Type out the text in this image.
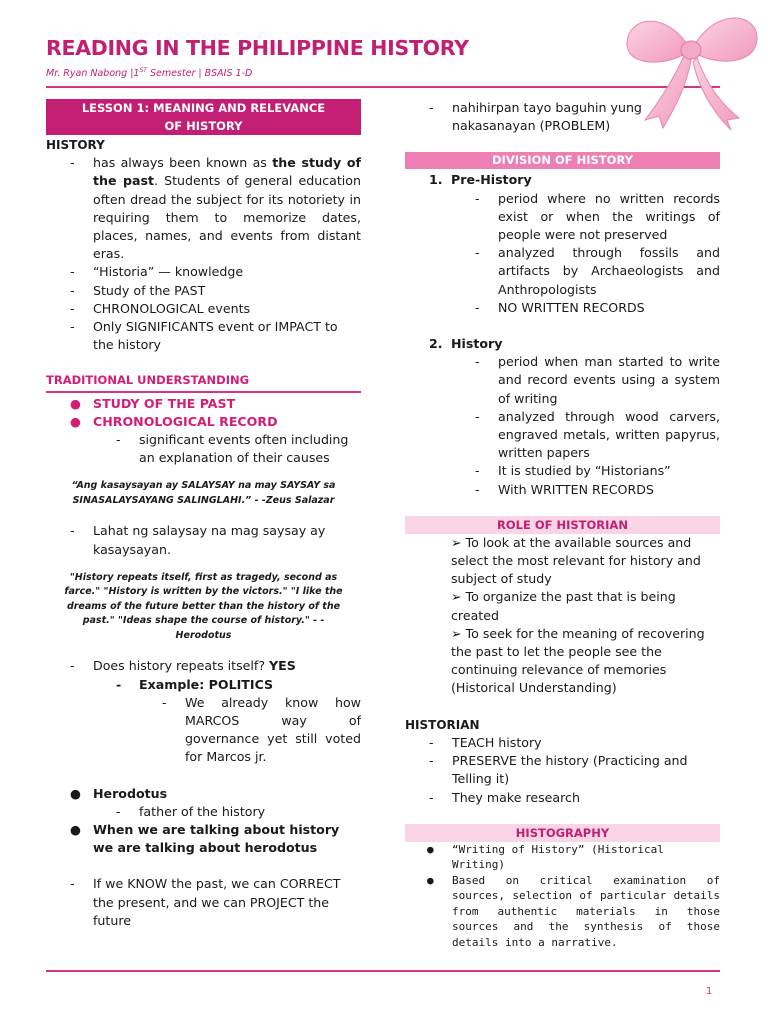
READING IN THE PHILIPPINE HISTORY
Mr. Ryan Nabong |1ST Semester | BSAIS 1-D
LESSON 1: MEANING AND RELEVANCE
OF HISTORY

HISTORY

-	has always been known as the study of the past. Students of general education often dread the subject for its notoriety in requiring them to memorize dates, places, names, and events from distant eras.
-	“Historia” — knowledge
-	Study of the PAST
-	CHRONOLOGICAL events
-	Only SIGNIFICANTS event or IMPACT to the history
TRADITIONAL UNDERSTANDING
● STUDY OF THE PAST
● CHRONOLOGICAL RECORD
-	significant events often including an explanation of their causes

“Ang kasaysayan ay SALAYSAY na may SAYSAY sa SINASALAYSAYANG SALINGLAHI.” - -Zeus Salazar

-	Lahat ng salaysay na mag saysay ay kasaysayan.

"History repeats itself, first as tragedy, second as farce." "History is written by the victors." "I like the dreams of the future better than the history of the past." "Ideas shape the course of history." - -Herodotus

-	Does history repeats itself? YES
-	Example: POLITICS
-	We already know how MARCOS way of governance yet still voted for Marcos jr.
● Herodotus
-	father of the history
● When we are talking about history we are talking about herodotus
-	If we KNOW the past, we can CORRECT the present, and we can PROJECT the future
-	nahihirpan tayo baguhin yung nakasanayan (PROBLEM)
DIVISION OF HISTORY
1. Pre-History
-	period where no written records exist or when the writings of people were not preserved
-	analyzed through fossils and artifacts by Archaeologists and Anthropologists
-	NO WRITTEN RECORDS
2. History
-	period when man started to write and record events using a system of writing
-	analyzed through wood carvers, engraved metals, written papyrus, written papers
-	It is studied by “Historians”
-	With WRITTEN RECORDS
ROLE OF HISTORIAN

➢ To look at the available sources and select the most relevant for history and subject of study

➢ To organize the past that is being created

➢ To seek for the meaning of recovering the past to let the people see the continuing relevance of memories (Historical Understanding)

HISTORIAN

-	TEACH history
-	PRESERVE the history (Practicing and Telling it)
-	They make research
HISTOGRAPHY
●	“Writing of History” (Historical Writing)
●	Based on critical examination of sources, selection of particular details from authentic materials in those sources and the synthesis of those details into a narrative.
1
